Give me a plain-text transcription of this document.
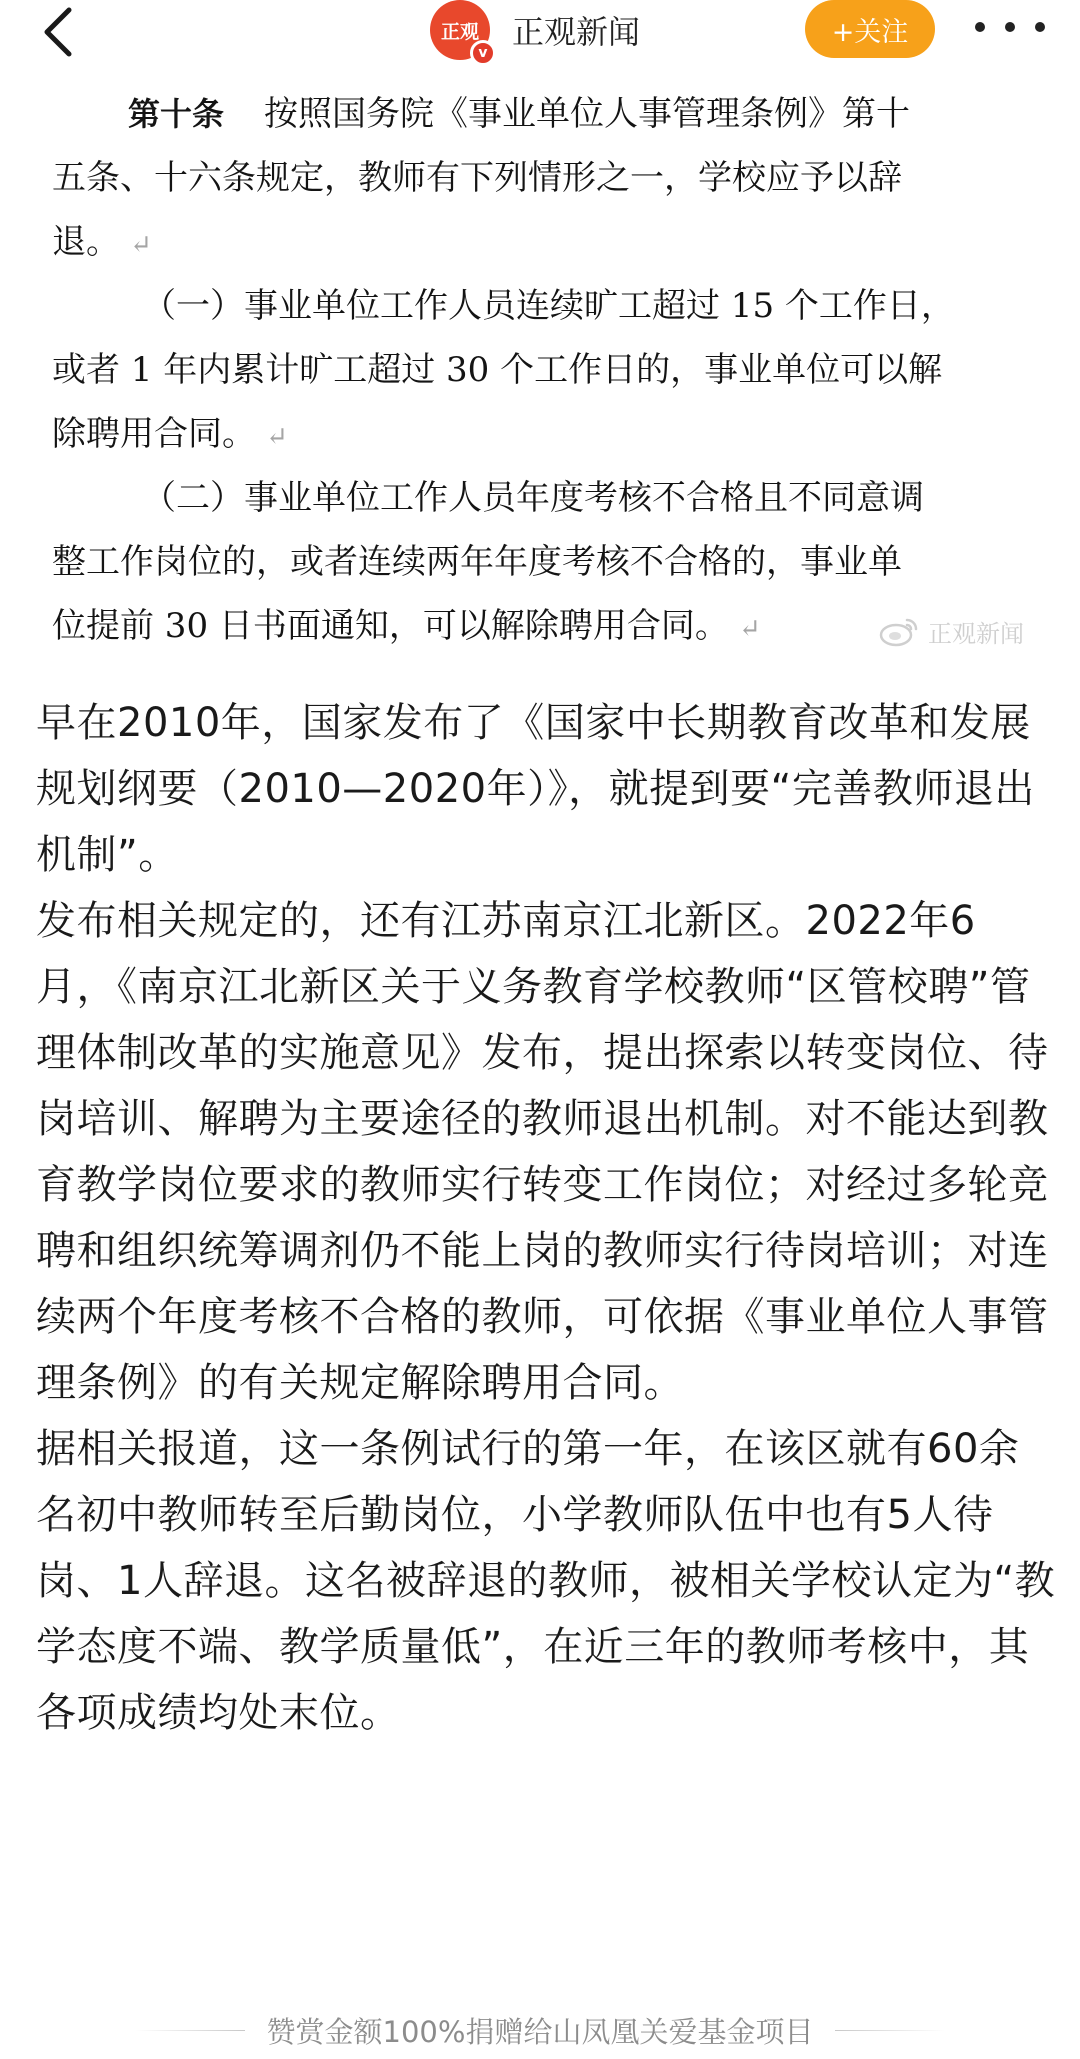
正观
v
正观新闻	+关注
第十条 按照国务院《事业单位人事管理条例》第十
五条、十六条规定，教师有下列情形之一，学校应予以辞
退。 ↵
（一）事业单位工作人员连续旷工超过 15 个工作日，
或者 1 年内累计旷工超过 30 个工作日的，事业单位可以解
除聘用合同。 ↵
（二）事业单位工作人员年度考核不合格且不同意调
整工作岗位的，或者连续两年年度考核不合格的，事业单
位提前 30 日书面通知，可以解除聘用合同。 ↵	正观新闻

早在2010年，国家发布了《国家中长期教育改革和发展规划纲要（2010—2020年）》，就提到要“完善教师退出机制”。

发布相关规定的，还有江苏南京江北新区。2022年6月，《南京江北新区关于义务教育学校教师“区管校聘”管理体制改革的实施意见》发布，提出探索以转变岗位、待岗培训、解聘为主要途径的教师退出机制。对不能达到教育教学岗位要求的教师实行转变工作岗位；对经过多轮竞聘和组织统筹调剂仍不能上岗的教师实行待岗培训；对连续两个年度考核不合格的教师，可依据《事业单位人事管理条例》的有关规定解除聘用合同。

据相关报道，这一条例试行的第一年，在该区就有60余名初中教师转至后勤岗位，小学教师队伍中也有5人待岗、1人辞退。这名被辞退的教师，被相关学校认定为“教学态度不端、教学质量低”，在近三年的教师考核中，其各项成绩均处末位。

赞赏金额100%捐赠给山凤凰关爱基金项目
